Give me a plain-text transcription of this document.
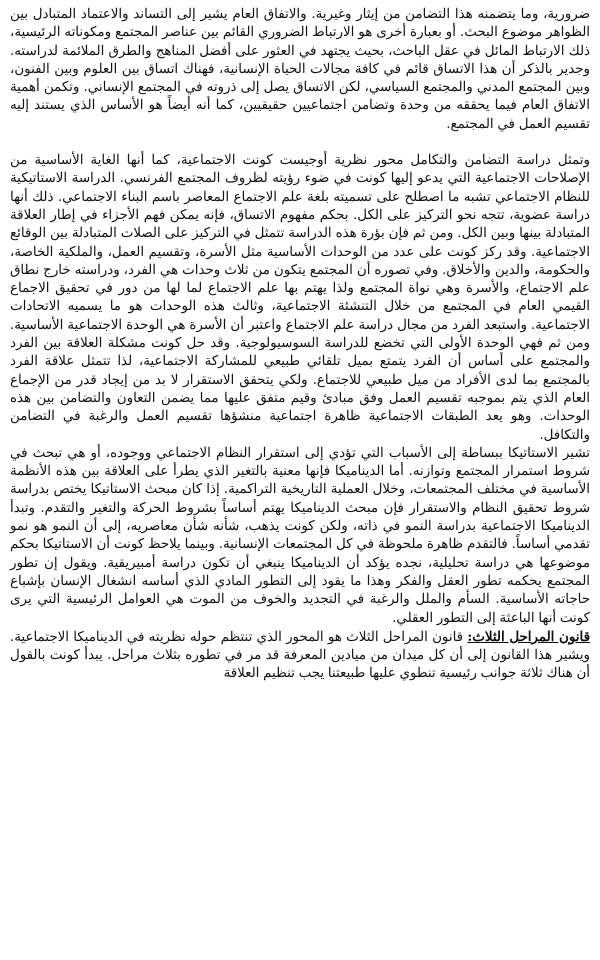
ضرورية، وما يتضمنه هذا التضامن من إيثار وغيرية. والاتفاق العام يشير إلى التساند والاعتماد المتبادل بين الظواهر موضوع البحث. أو بعبارة أخرى هو الارتباط الضروري القائم بين عناصر المجتمع ومكوناته الرئيسية، ذلك الارتباط المائل في عقل الباحث، بحيث يجتهد في العثور على أفضل المناهج والطرق الملائمة لدراسته. وجدير بالذكر أن هذا الاتساق قائم في كافة مجالات الحياة الإنسانية، فهناك اتساق بين العلوم وبين الفنون، وبين المجتمع المدني والمجتمع السياسي، لكن الاتساق يصل إلى ذروته في المجتمع الإنساني. وتكمن أهمية الاتفاق العام فيما يحققه من وحدة وتضامن اجتماعيين حقيقيين، كما أنه أيضاً هو الأساس الذي يستند إليه تقسيم العمل في المجتمع.

وتمثل دراسة التضامن والتكامل محور نظرية أوجيست كونت الاجتماعية، كما أنها الغاية الأساسية من الإصلاحات الاجتماعية التي يدعو إليها كونت في ضوء رؤيته لظروف المجتمع الفرنسي. الدراسة الاستاتيكية للنظام الاجتماعي تشبه ما اصطلح على تسميته بلغة علم الاجتماع المعاصر باسم البناء الاجتماعي. ذلك أنها دراسة عضوية، تتجه نحو التركيز على الكل. بحكم مفهوم الاتساق، فإنه يمكن فهم الأجزاء في إطار العلاقة المتبادلة بينها وبين الكل. ومن ثم فإن بؤرة هذه الدراسة تتمثل في التركيز على الصلات المتبادلة بين الوقائع الاجتماعية. وقد ركز كونت على عدد من الوحدات الأساسية مثل الأسرة، وتقسيم العمل، والملكية الخاصة، والحكومة، والدين والأخلاق. وفي تصوره أن المجتمع يتكون من ثلاث وحدات هي الفرد، ودراسته خارج نطاق علم الاجتماع، والأسرة وهي نواة المجتمع ولذا يهتم بها علم الاجتماع لما لها من دور في تحقيق الاجماع القيمي العام في المجتمع من خلال التنشئة الاجتماعية، وثالث هذه الوحدات هو ما يسميه الاتحادات الاجتماعية. واستبعد الفرد من مجال دراسة علم الاجتماع واعتبر أن الأسرة هي الوحدة الاجتماعية الأساسية. ومن ثم فهي الوحدة الأولى التي تخضع للدراسة السوسيولوجية. وقد حل كونت مشكلة العلاقة بين الفرد والمجتمع على أساس أن الفرد يتمتع بميل تلقائي طبيعي للمشاركة الاجتماعية، لذا تتمثل علاقة الفرد بالمجتمع بما لدى الأفراد من ميل طبيعي للاجتماع. ولكي يتحقق الاستقرار لا بد من إيجاد قدر من الإجماع العام الذي يتم بموجبه تقسيم العمل وفق مبادئ وقيم متفق عليها مما يضمن التعاون والتضامن بين هذه الوحدات. وهو يعد الطبقات الاجتماعية ظاهرة اجتماعية منشؤها تقسيم العمل والرغبة في التضامن والتكافل.

تشير الاستاتيكا ببساطة إلى الأسباب التي تؤدي إلى استقرار النظام الاجتماعي ووجوده، أو هي تبحث في شروط استمرار المجتمع وتوازنه. أما الديناميكا فإنها معنية بالتغير الذي يطرأ على العلاقة بين هذه الأنظمة الأساسية في مختلف المجتمعات، وخلال العملية التاريخية التراكمية. إذا كان مبحث الاستاتيكا يختص بدراسة شروط تحقيق النظام والاستقرار فإن مبحث الديناميكا يهتم أساساً بشروط الحركة والتغير والتقدم. وتبدأ الديناميكا الاجتماعية بدراسة النمو في ذاته، ولكن كونت يذهب، شأنه شأن معاصريه، إلى أن النمو هو نمو تقدمي أساساً. فالتقدم ظاهرة ملحوظة في كل المجتمعات الإنسانية. وبينما يلاحظ كونت أن الاستاتيكا بحكم موضوعها هي دراسة تحليلية، نجده يؤكد أن الديناميكا ينبغي أن تكون دراسة أمبيريقية. ويقول إن تطور المجتمع يحكمه تطور العقل والفكر وهذا ما يقود إلى التطور المادي الذي أساسه انشغال الإنسان بإشباع حاجاته الأساسية. السأم والملل والرغبة في التجديد والخوف من الموت هي العوامل الرئيسية التي يرى كونت أنها الباعثة إلى التطور العقلي.

قانون المراحل الثلاث: قانون المراحل الثلاث هو المحور الذي تنتظم حوله نظريته في الديناميكا الاجتماعية. ويشير هذا القانون إلى أن كل ميدان من ميادين المعرفة قد مر في تطوره بثلاث مراحل. يبدأ كونت بالقول أن هناك ثلاثة جوانب رئيسية تنطوي عليها طبيعتنا يجب تنظيم العلاقة
